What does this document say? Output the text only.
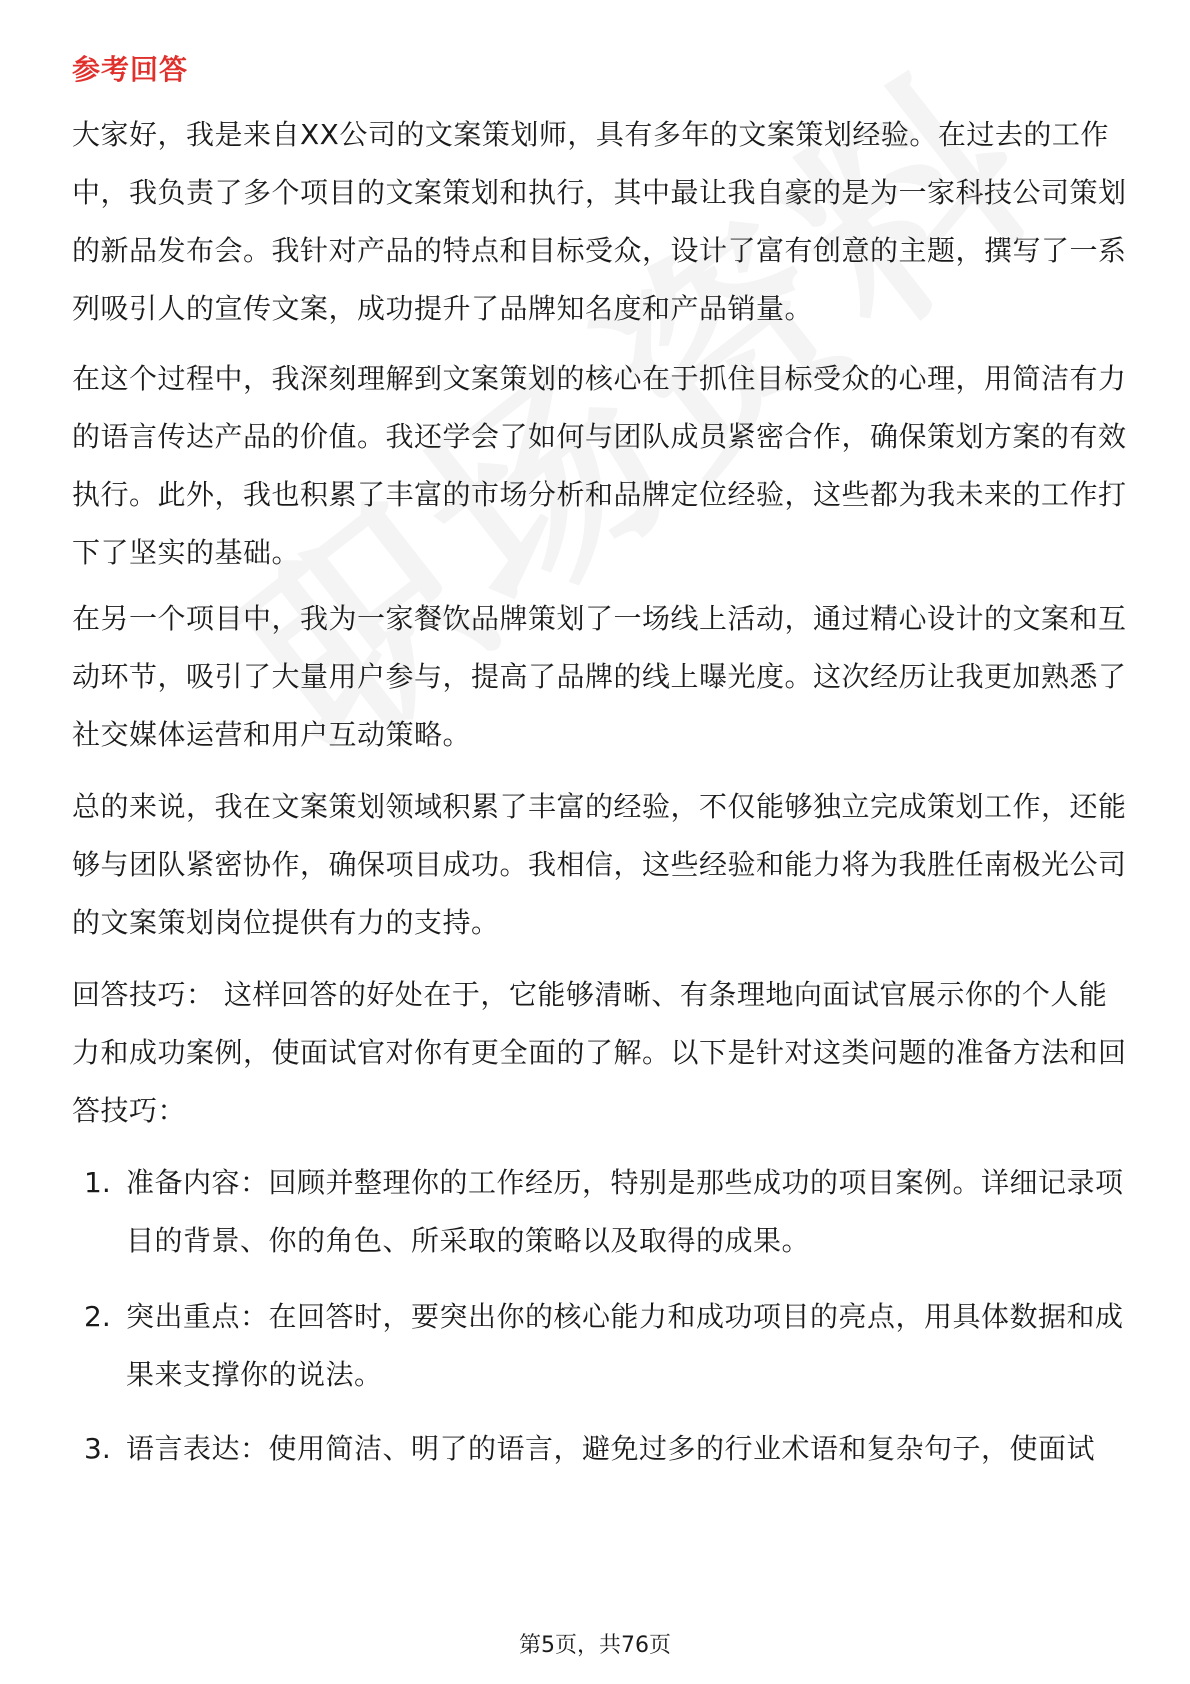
参考回答
大家好，我是来自XX公司的文案策划师，具有多年的文案策划经验。在过去的工作中，我负责了多个项目的文案策划和执行，其中最让我自豪的是为一家科技公司策划的新品发布会。我针对产品的特点和目标受众，设计了富有创意的主题，撰写了一系列吸引人的宣传文案，成功提升了品牌知名度和产品销量。
在这个过程中，我深刻理解到文案策划的核心在于抓住目标受众的心理，用简洁有力的语言传达产品的价值。我还学会了如何与团队成员紧密合作，确保策划方案的有效执行。此外，我也积累了丰富的市场分析和品牌定位经验，这些都为我未来的工作打下了坚实的基础。
在另一个项目中，我为一家餐饮品牌策划了一场线上活动，通过精心设计的文案和互动环节，吸引了大量用户参与，提高了品牌的线上曝光度。这次经历让我更加熟悉了社交媒体运营和用户互动策略。
总的来说，我在文案策划领域积累了丰富的经验，不仅能够独立完成策划工作，还能够与团队紧密协作，确保项目成功。我相信，这些经验和能力将为我胜任南极光公司的文案策划岗位提供有力的支持。
回答技巧： 这样回答的好处在于，它能够清晰、有条理地向面试官展示你的个人能力和成功案例，使面试官对你有更全面的了解。以下是针对这类问题的准备方法和回答技巧：
1. 准备内容：回顾并整理你的工作经历，特别是那些成功的项目案例。详细记录项目的背景、你的角色、所采取的策略以及取得的成果。
2. 突出重点：在回答时，要突出你的核心能力和成功项目的亮点，用具体数据和成果来支撑你的说法。
3. 语言表达：使用简洁、明了的语言，避免过多的行业术语和复杂句子，使面试
第5页，共76页
